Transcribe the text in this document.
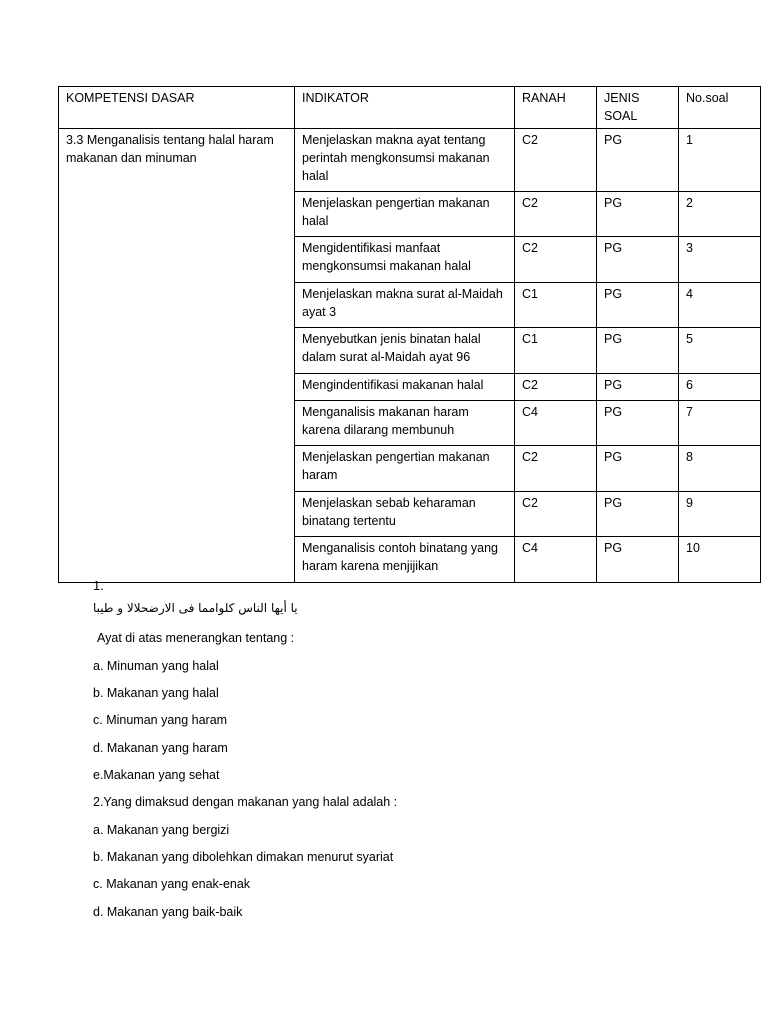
KOMPETENSI DASAR	INDIKATOR	RANAH	JENIS SOAL	No.soal
3.3 Menganalisis tentang halal haram makanan dan minuman	Menjelaskan makna ayat tentang perintah mengkonsumsi makanan halal	C2	PG	1
	Menjelaskan pengertian makanan halal	C2	PG	2
	Mengidentifikasi manfaat mengkonsumsi makanan halal	C2	PG	3
	Menjelaskan makna surat al-Maidah ayat 3	C1	PG	4
	Menyebutkan jenis binatan halal dalam surat al-Maidah ayat 96	C1	PG	5
	Mengindentifikasi makanan halal	C2	PG	6
	Menganalisis makanan haram karena dilarang membunuh	C4	PG	7
	Menjelaskan pengertian makanan haram	C2	PG	8
	Menjelaskan sebab keharaman binatang tertentu	C2	PG	9
	Menganalisis contoh binatang yang haram karena menjijikan	C4	PG	10
1.
يا أيها الناس كلوامما فى الارضحلالا و طيبا
Ayat di atas menerangkan tentang :
a. Minuman yang halal
b. Makanan yang halal
c. Minuman yang haram
d. Makanan yang haram
e.Makanan yang sehat
2.Yang dimaksud dengan makanan yang halal adalah :
a. Makanan yang bergizi
b. Makanan yang dibolehkan dimakan menurut syariat
c. Makanan yang enak-enak
d. Makanan yang baik-baik
